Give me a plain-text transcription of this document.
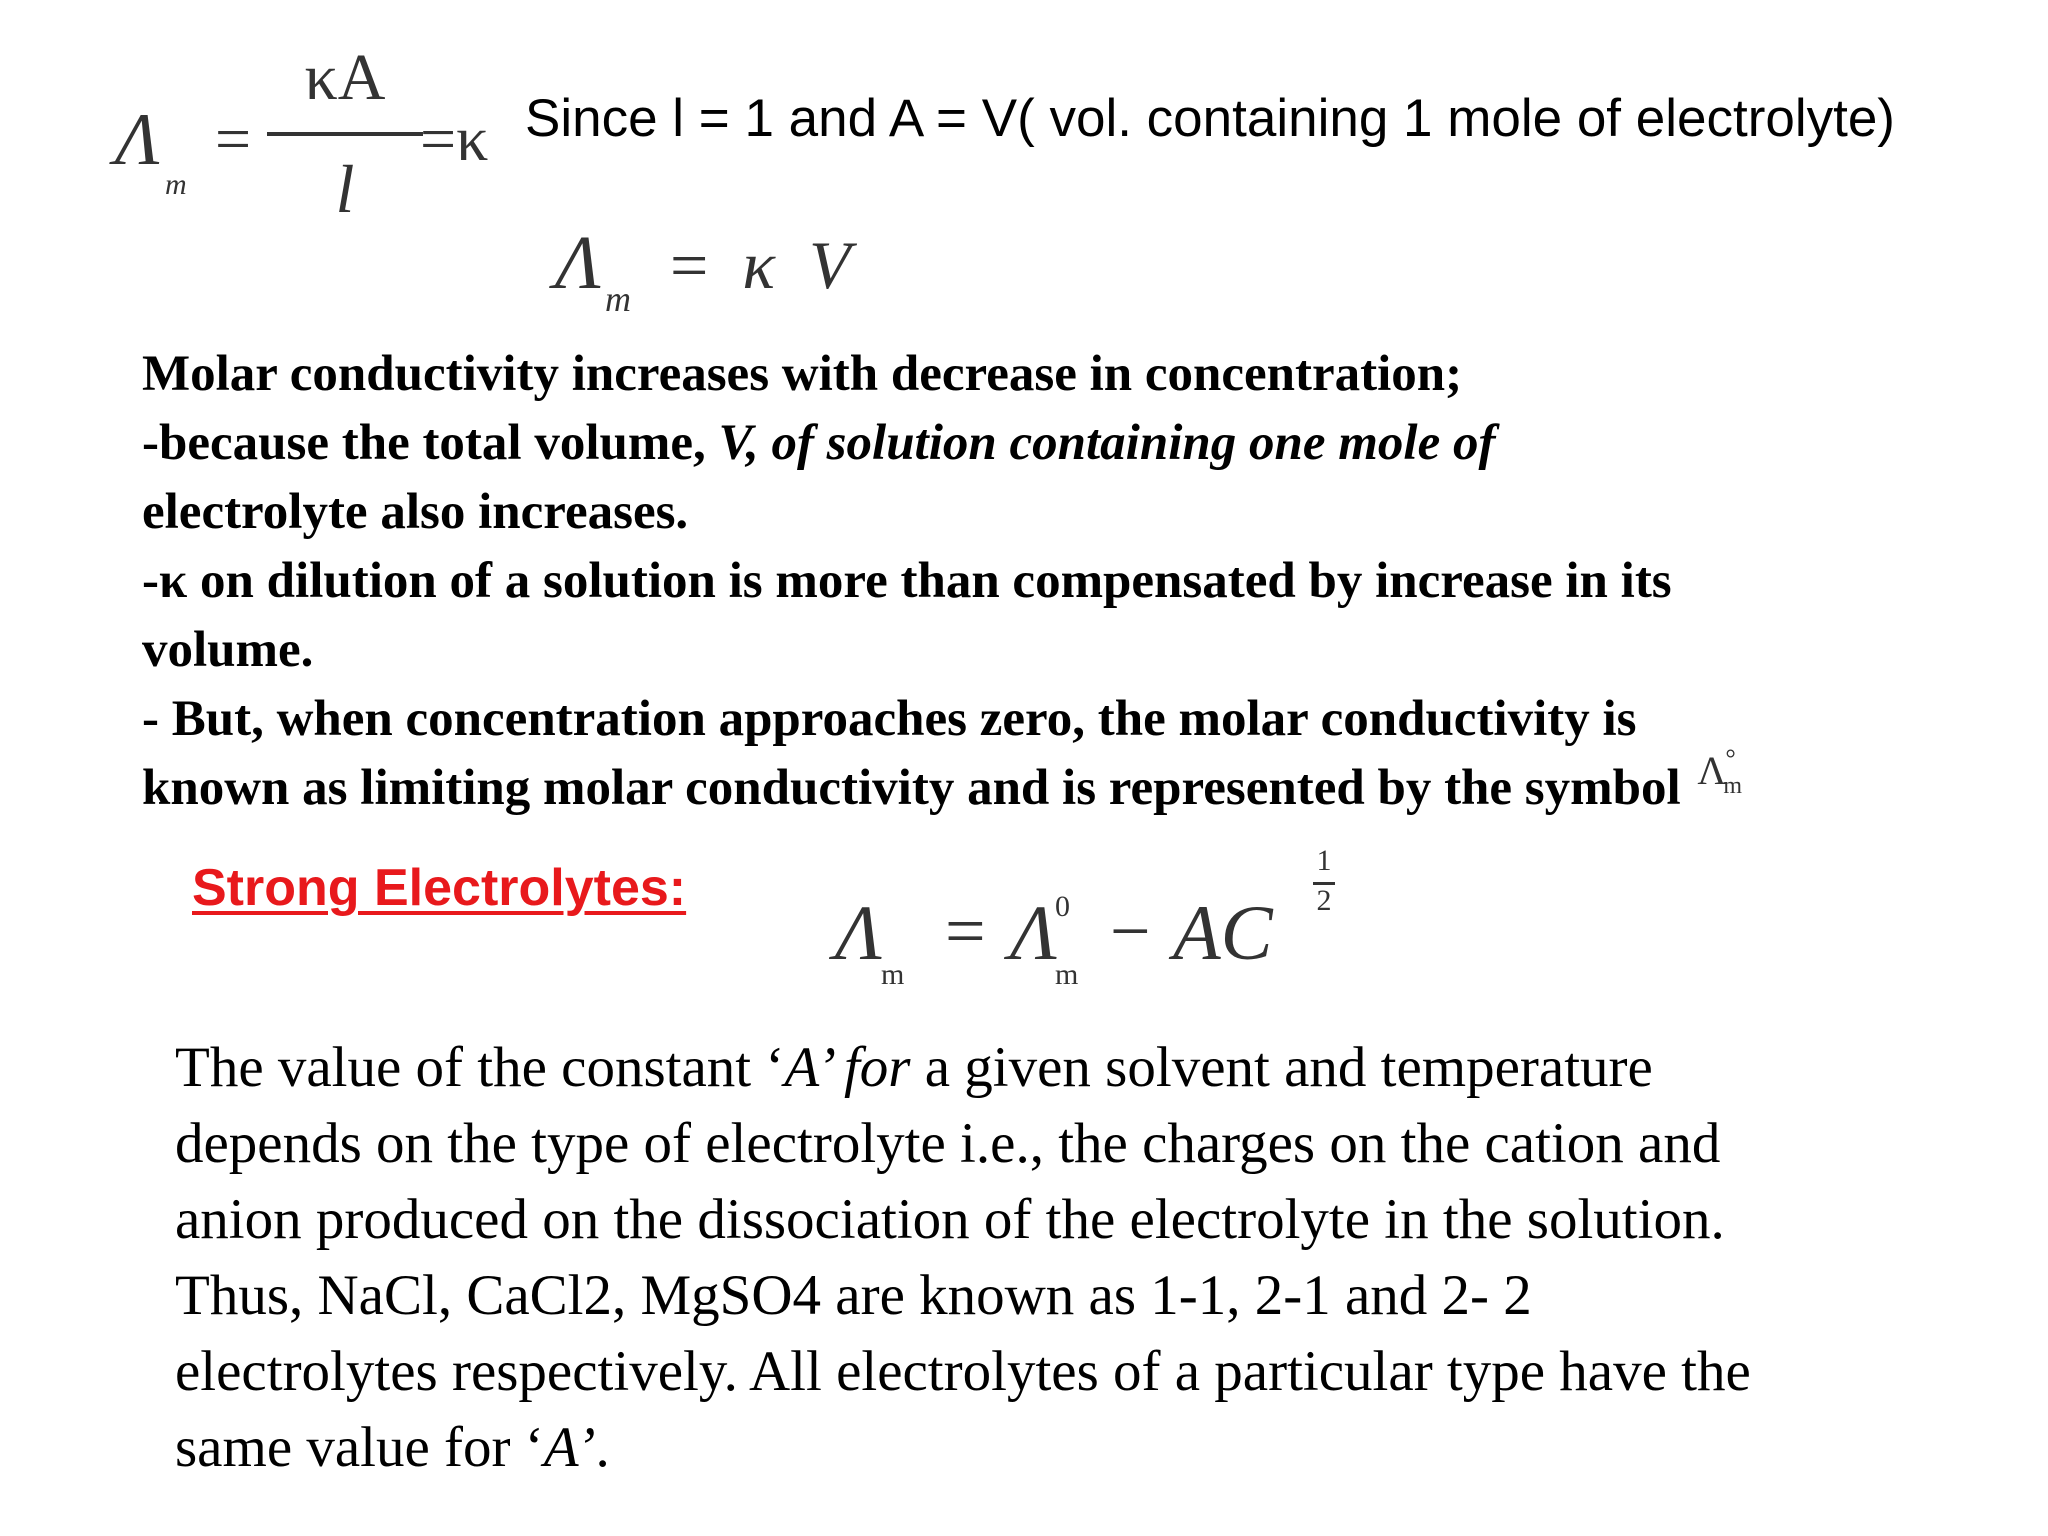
Λ
m
=
κA
l
=κ Since l = 1 and A = V( vol. containing 1 mole of electrolyte)
Λ m = κ V
Molar conductivity increases with decrease in concentration;
-because the total volume, V, of solution containing one mole of
electrolyte also increases.
-κ on dilution of a solution is more than compensated by increase in its
volume.
- But, when concentration approaches zero, the molar conductivity is
known as limiting molar conductivity and is represented by the symbol Λ
°
m
Strong Electrolytes:
Λ
m
= Λ
0
m
− AC
1
2
The value of the constant ‘A’ for a given solvent and temperature
depends on the type of electrolyte i.e., the charges on the cation and
anion produced on the dissociation of the electrolyte in the solution.
Thus, NaCl, CaCl2, MgSO4 are known as 1-1, 2-1 and 2- 2
electrolytes respectively. All electrolytes of a particular type have the
same value for ‘A’.
